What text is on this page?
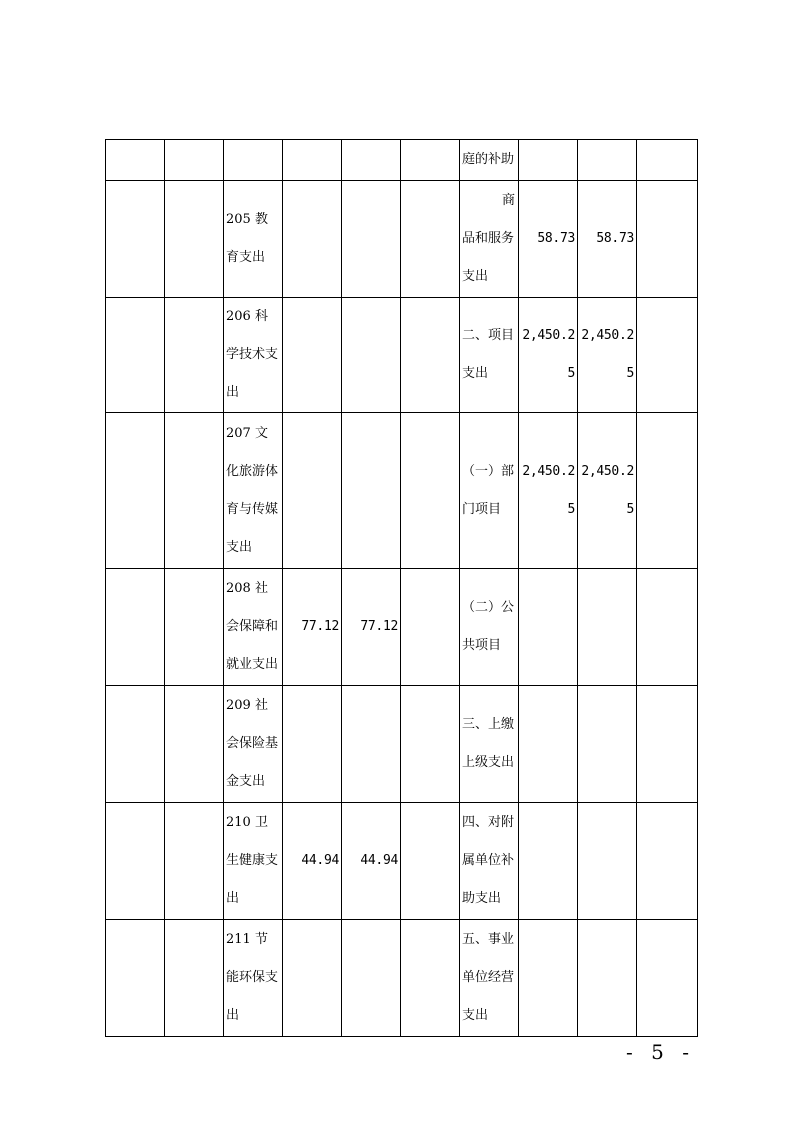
						庭的补助			
		205 教育支出				商品和服务支出	58.73	58.73	
		206 科学技术支出				二、项目支出	2,450.25	2,450.25	
		207 文化旅游体育与传媒支出				（一）部门项目	2,450.25	2,450.25	
		208 社会保障和就业支出	77.12	77.12		（二）公共项目			
		209 社会保险基金支出				三、上缴上级支出			
		210 卫生健康支出	44.94	44.94		四、对附属单位补助支出			
		211 节能环保支出				五、事业单位经营支出			
- 5 -
